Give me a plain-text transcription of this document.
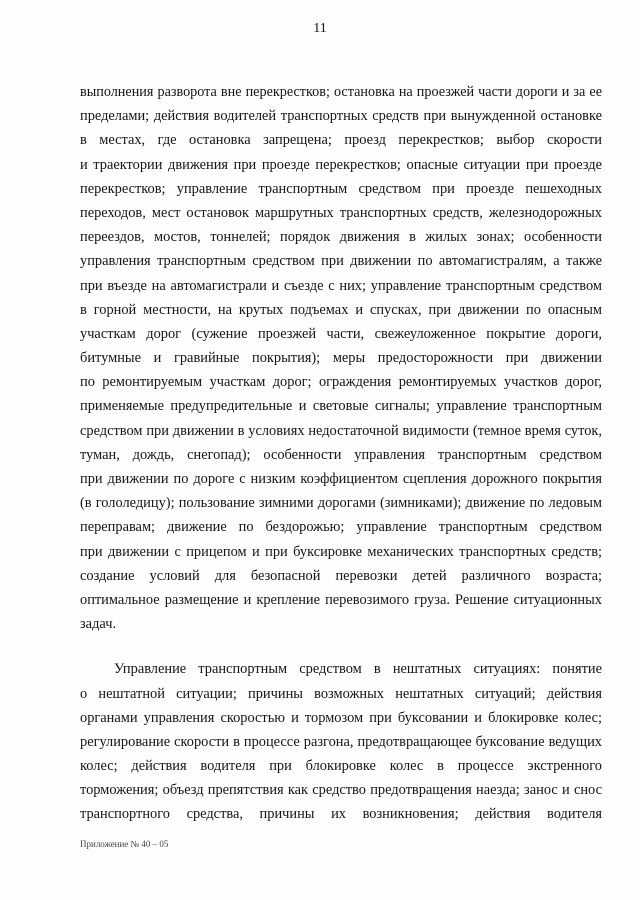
11
выполнения разворота вне перекрестков; остановка на проезжей части дороги и за ее
пределами; действия водителей транспортных средств при вынужденной остановке
в местах, где остановка запрещена; проезд перекрестков; выбор скорости
и траектории движения при проезде перекрестков; опасные ситуации при проезде
перекрестков; управление транспортным средством при проезде пешеходных
переходов, мест остановок маршрутных транспортных средств, железнодорожных
переездов, мостов, тоннелей; порядок движения в жилых зонах; особенности
управления транспортным средством при движении по автомагистралям, а также
при въезде на автомагистрали и съезде с них; управление транспортным средством
в горной местности, на крутых подъемах и спусках, при движении по опасным
участкам дорог (сужение проезжей части, свежеуложенное покрытие дороги,
битумные и гравийные покрытия); меры предосторожности при движении
по ремонтируемым участкам дорог; ограждения ремонтируемых участков дорог,
применяемые предупредительные и световые сигналы; управление транспортным
средством при движении в условиях недостаточной видимости (темное время суток,
туман, дождь, снегопад); особенности управления транспортным средством
при движении по дороге с низким коэффициентом сцепления дорожного покрытия
(в гололедицу); пользование зимними дорогами (зимниками); движение по ледовым
переправам; движение по бездорожью; управление транспортным средством
при движении с прицепом и при буксировке механических транспортных средств;
создание условий для безопасной перевозки детей различного возраста;
оптимальное размещение и крепление перевозимого груза. Решение ситуационных
задач.
Управление транспортным средством в нештатных ситуациях: понятие
о нештатной ситуации; причины возможных нештатных ситуаций; действия
органами управления скоростью и тормозом при буксовании и блокировке колес;
регулирование скорости в процессе разгона, предотвращающее буксование ведущих
колес; действия водителя при блокировке колес в процессе экстренного
торможения; объезд препятствия как средство предотвращения наезда; занос и снос
транспортного средства, причины их возникновения; действия водителя
Приложение № 40 – 05
